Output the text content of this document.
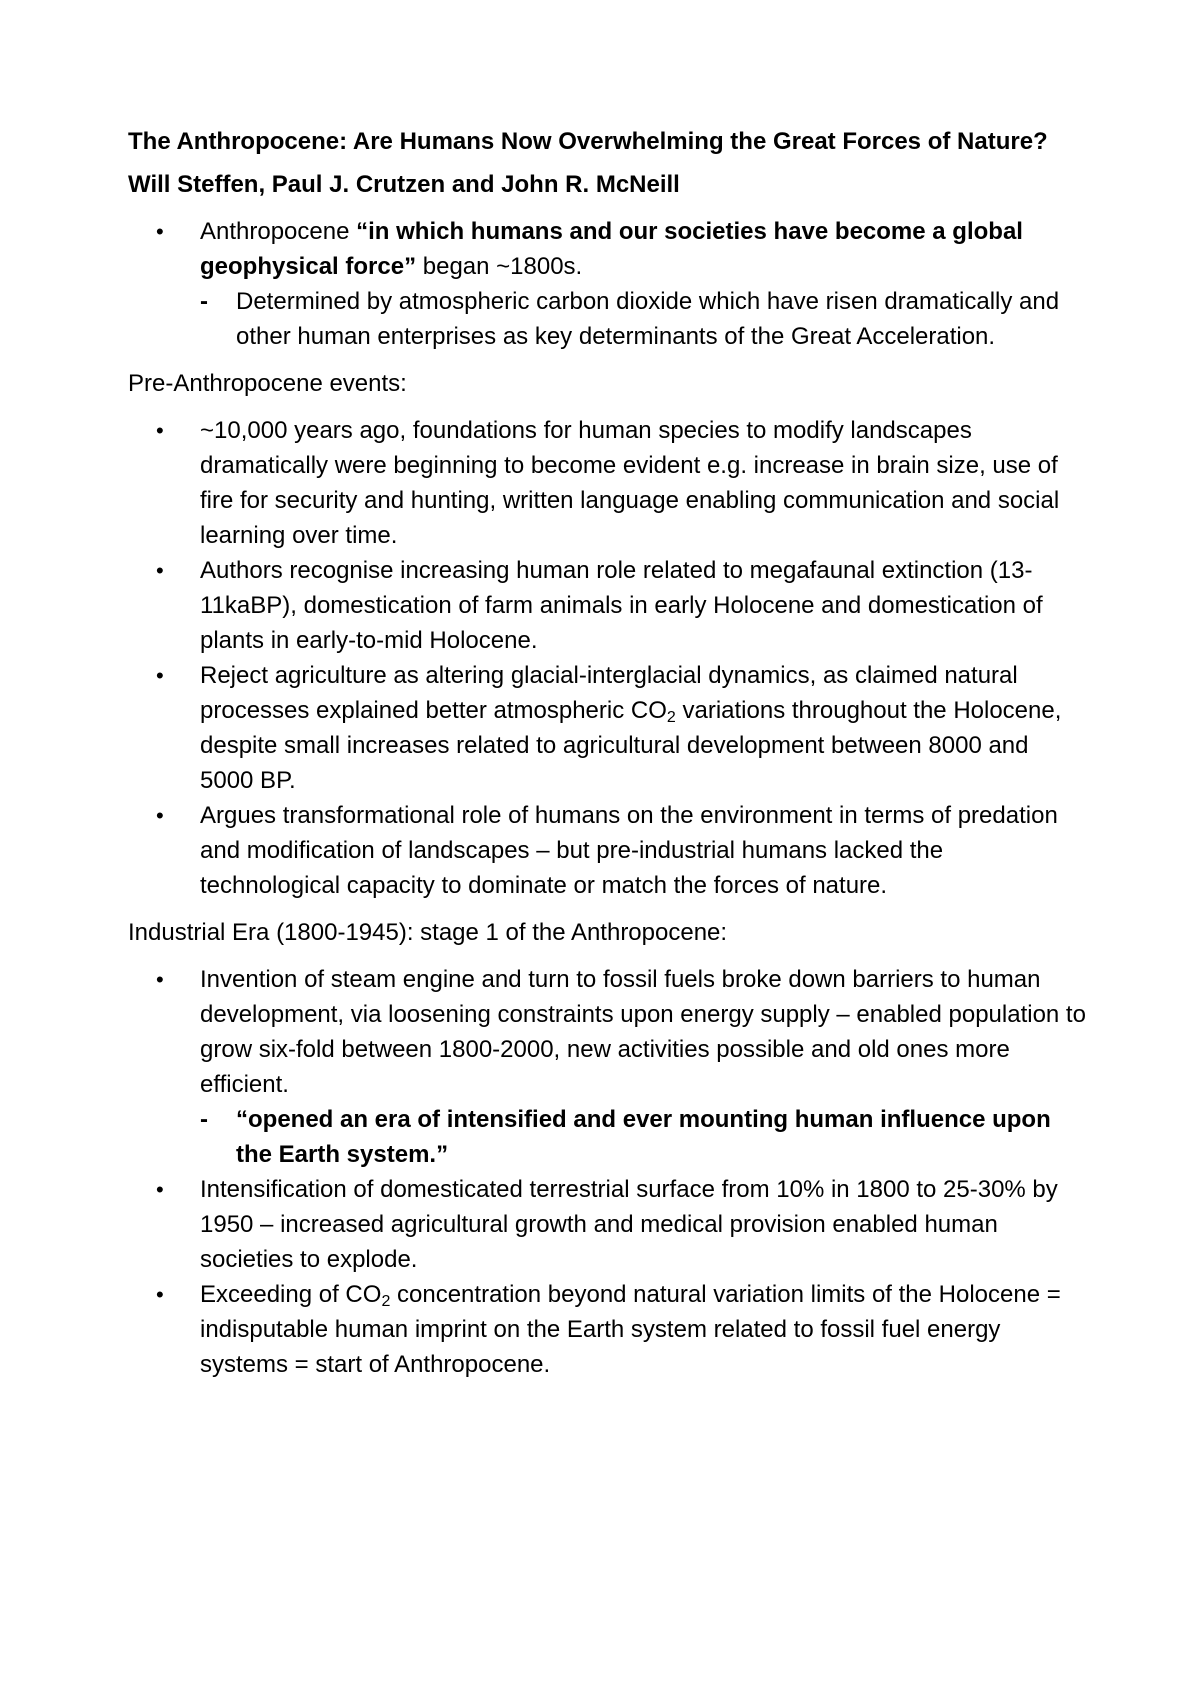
The Anthropocene: Are Humans Now Overwhelming the Great Forces of Nature?

Will Steffen, Paul J. Crutzen and John R. McNeill

• Anthropocene “in which humans and our societies have become a global geophysical force” began ~1800s.
- Determined by atmospheric carbon dioxide which have risen dramatically and other human enterprises as key determinants of the Great Acceleration.

Pre-Anthropocene events:

• ~10,000 years ago, foundations for human species to modify landscapes dramatically were beginning to become evident e.g. increase in brain size, use of fire for security and hunting, written language enabling communication and social learning over time.
• Authors recognise increasing human role related to megafaunal extinction (13-11kaBP), domestication of farm animals in early Holocene and domestication of plants in early-to-mid Holocene.
• Reject agriculture as altering glacial-interglacial dynamics, as claimed natural processes explained better atmospheric $CO_2$ variations throughout the Holocene, despite small increases related to agricultural development between 8000 and 5000 BP.
• Argues transformational role of humans on the environment in terms of predation and modification of landscapes – but pre-industrial humans lacked the technological capacity to dominate or match the forces of nature.

Industrial Era (1800-1945): stage 1 of the Anthropocene:

• Invention of steam engine and turn to fossil fuels broke down barriers to human development, via loosening constraints upon energy supply – enabled population to grow six-fold between 1800-2000, new activities possible and old ones more efficient.
- “opened an era of intensified and ever mounting human influence upon the Earth system.”
• Intensification of domesticated terrestrial surface from 10% in 1800 to 25-30% by 1950 – increased agricultural growth and medical provision enabled human societies to explode.
• Exceeding of $CO_2$ concentration beyond natural variation limits of the Holocene = indisputable human imprint on the Earth system related to fossil fuel energy systems = start of Anthropocene.
